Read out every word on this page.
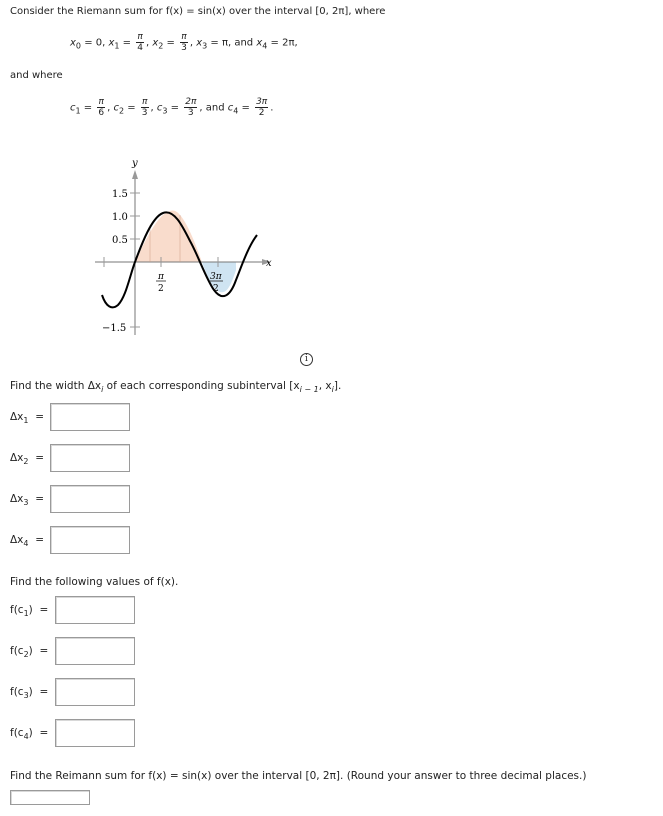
Consider the Riemann sum for f(x) = sin(x) over the interval [0, 2π], where
$x_0 = 0$, $x_1 = \frac{\pi}{4}$ , $x_2 = \frac{\pi}{3}$ , $x_3 = \pi$, and $x_4 = 2\pi$,
and where
$c_1 = \frac{\pi}{6}$ , $c_2 = \frac{\pi}{3}$ , $c_3 = \frac{2\pi}{3}$ , and $c_4 = \frac{3\pi}{2}$ .
y
x
1.5
1.0
0.5
−1.5
π
2
3π
2
i
Find the width $\Delta x_i$ of each corresponding subinterval [$x_{i - 1}$, $x_i$].
$\Delta x_1$ =
$\Delta x_2$ =
$\Delta x_3$ =
$\Delta x_4$ =
Find the following values of f(x).
$f(c_1)$ =
$f(c_2)$ =
$f(c_3)$ =
$f(c_4)$ =
Find the Reimann sum for f(x) = sin(x) over the interval [0, 2π]. (Round your answer to three decimal places.)
